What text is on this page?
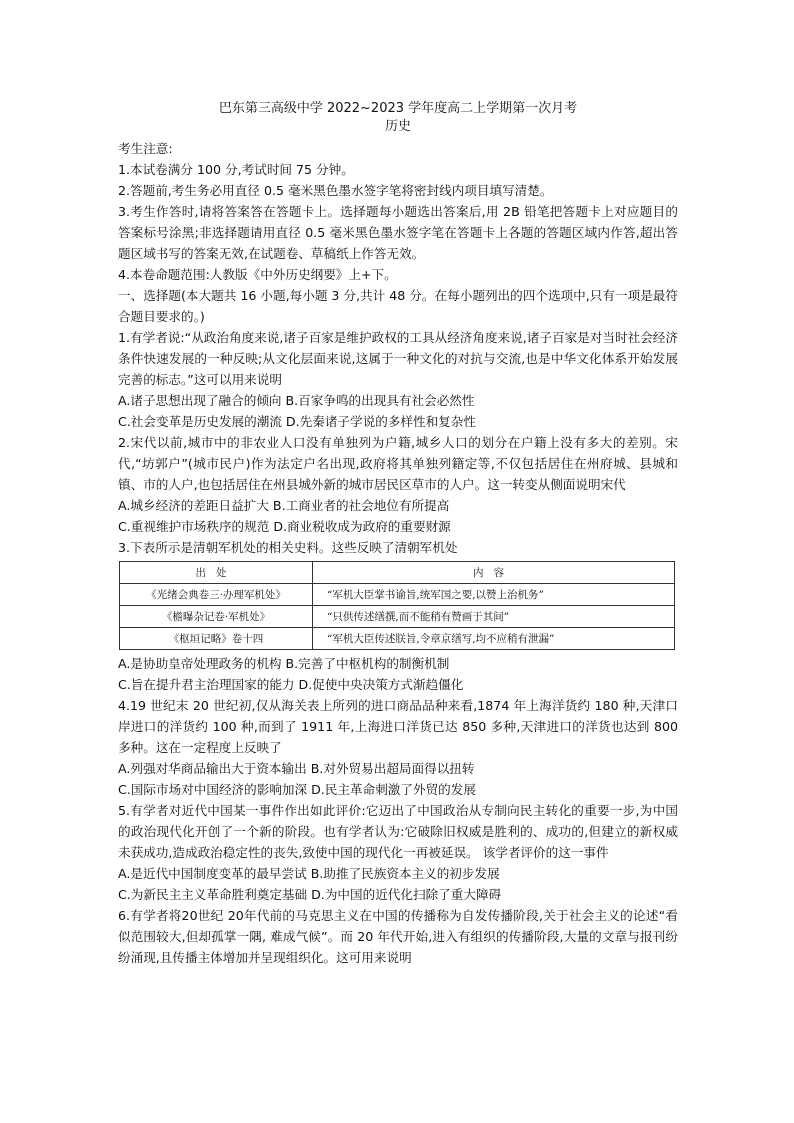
巴东第三高级中学 2022~2023 学年度高二上学期第一次月考
历史
考生注意:
1.本试卷满分 100 分,考试时间 75 分钟。
2.答题前,考生务必用直径 0.5 毫米黑色墨水签字笔将密封线内项目填写清楚。
3.考生作答时,请将答案答在答题卡上。选择题每小题选出答案后,用 2B 铅笔把答题卡上对应题目的答案标号涂黑;非选择题请用直径 0.5 毫米黑色墨水签字笔在答题卡上各题的答题区域内作答,超出答题区域书写的答案无效,在试题卷、草稿纸上作答无效。
4.本卷命题范围:人教版《中外历史纲要》上+下。
一、选择题(本大题共 16 小题,每小题 3 分,共计 48 分。在每小题列出的四个选项中,只有一项是最符合题目要求的。)
1.有学者说:“从政治角度来说,诸子百家是维护政权的工具从经济角度来说,诸子百家是对当时社会经济条件快速发展的一种反映;从文化层面来说,这属于一种文化的对抗与交流,也是中华文化体系开始发展完善的标志。”这可以用来说明
A.诸子思想出现了融合的倾向 B.百家争鸣的出现具有社会必然性
C.社会变革是历史发展的潮流 D.先秦诸子学说的多样性和复杂性
2.宋代以前,城市中的非农业人口没有单独列为户籍,城乡人口的划分在户籍上没有多大的差别。宋代,“坊郭户”(城市民户)作为法定户名出现,政府将其单独列籍定等,不仅包括居住在州府城、县城和镇、市的人户,也包括居住在州县城外新的城市居民区草市的人户。这一转变从侧面说明宋代
A.城乡经济的差距日益扩大 B.工商业者的社会地位有所提高
C.重视维护市场秩序的规范 D.商业税收成为政府的重要财源
3.下表所示是清朝军机处的相关史料。这些反映了清朝军机处
出处	内容
《光绪会典卷三·办理军机处》	“军机大臣掌书谕旨,统军国之要,以赞上治机务”
《檐曝杂记卷·军机处》	“只供传述缮撰,而不能稍有赞画于其间”
《枢垣记略》卷十四	“军机大臣传述朕旨,令章京缮写,均不应稍有泄漏”
A.是协助皇帝处理政务的机构 B.完善了中枢机构的制衡机制
C.旨在提升君主治理国家的能力 D.促使中央决策方式渐趋僵化
4.19 世纪末 20 世纪初,仅从海关表上所列的进口商品品种来看,1874 年上海洋货约 180 种,天津口岸进口的洋货约 100 种,而到了 1911 年,上海进口洋货已达 850 多种,天津进口的洋货也达到 800 多种。这在一定程度上反映了
A.列强对华商品输出大于资本输出 B.对外贸易出超局面得以扭转
C.国际市场对中国经济的影响加深 D.民主革命刺激了外贸的发展
5.有学者对近代中国某一事件作出如此评价:它迈出了中国政治从专制向民主转化的重要一步,为中国的政治现代化开创了一个新的阶段。也有学者认为:它破除旧权威是胜利的、成功的,但建立的新权威未获成功,造成政治稳定性的丧失,致使中国的现代化一再被延误。 该学者评价的这一事件
A.是近代中国制度变革的最早尝试 B.助推了民族资本主义的初步发展
C.为新民主主义革命胜利奠定基础 D.为中国的近代化扫除了重大障碍
6.有学者将20世纪 20年代前的马克思主义在中国的传播称为自发传播阶段,关于社会主义的论述“看似范围较大,但却孤掌一隅, 难成气候”。而 20 年代开始,进入有组织的传播阶段,大量的文章与报刊纷纷涌现,且传播主体增加并呈现组织化。这可用来说明
